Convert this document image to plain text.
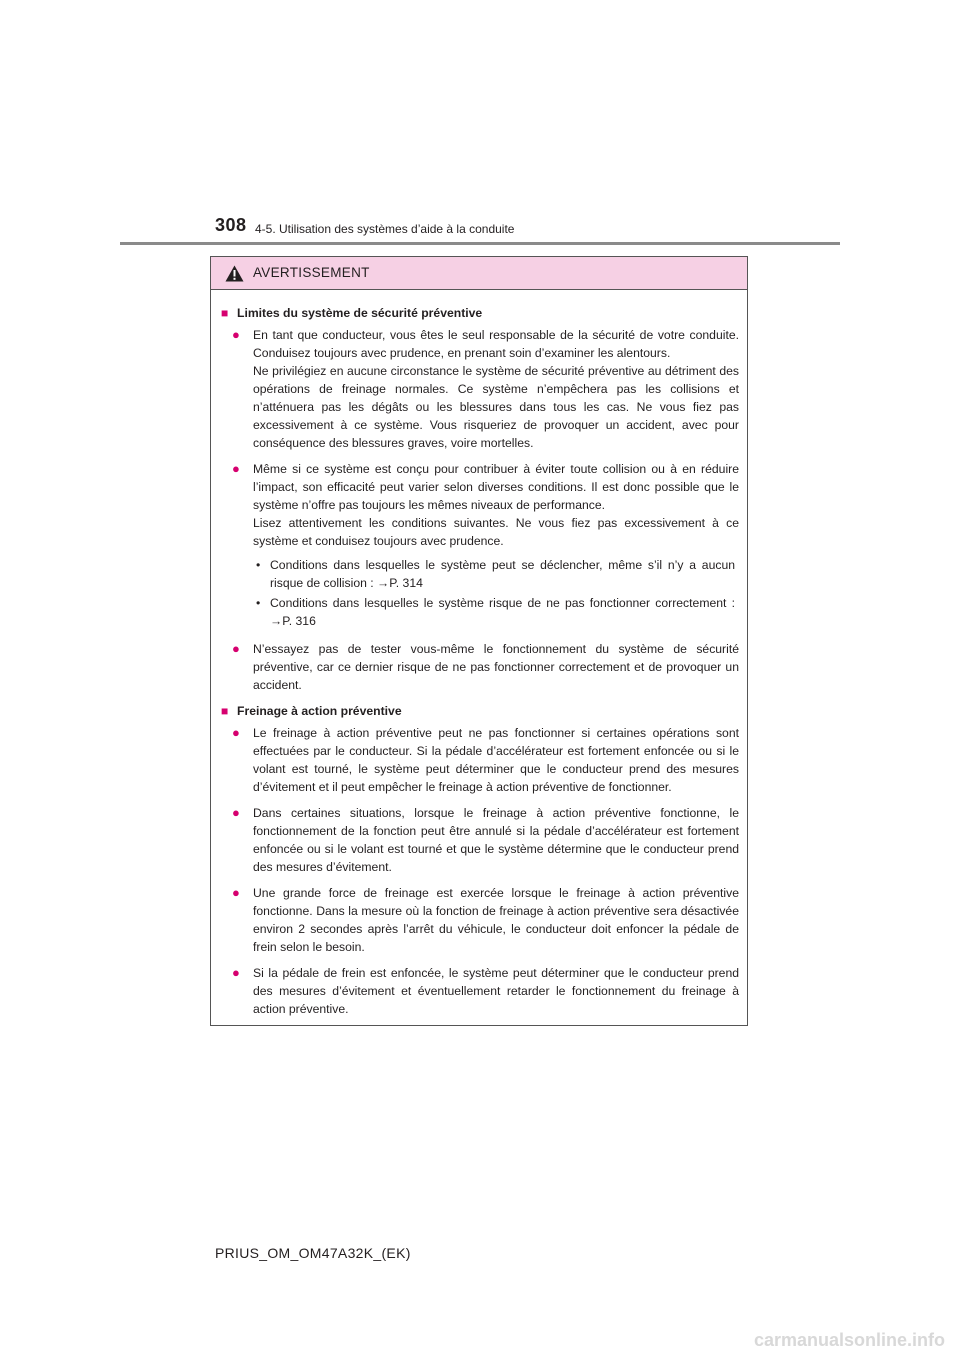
308 4-5. Utilisation des systèmes d’aide à la conduite
AVERTISSEMENT
■ Limites du système de sécurité préventive
●	En tant que conducteur, vous êtes le seul responsable de la sécurité de votre conduite. Conduisez toujours avec prudence, en prenant soin d’examiner les alentours.

Ne privilégiez en aucune circonstance le système de sécurité préventive au détriment des opérations de freinage normales. Ce système n’empêchera pas les collisions et n’atténuera pas les dégâts ou les blessures dans tous les cas. Ne vous fiez pas excessivement à ce système. Vous risqueriez de provoquer un accident, avec pour conséquence des blessures graves, voire mortelles.

●	Même si ce système est conçu pour contribuer à éviter toute collision ou à en réduire l’impact, son efficacité peut varier selon diverses conditions. Il est donc possible que le système n’offre pas toujours les mêmes niveaux de performance.

Lisez attentivement les conditions suivantes. Ne vous fiez pas excessivement à ce système et conduisez toujours avec prudence.

• Conditions dans lesquelles le système peut se déclencher, même s’il n’y a aucun risque de collision : →P. 314
• Conditions dans lesquelles le système risque de ne pas fonctionner correctement : →P. 316
●	N’essayez pas de tester vous-même le fonctionnement du système de sécurité préventive, car ce dernier risque de ne pas fonctionner correctement et de provoquer un accident.

■ Freinage à action préventive
●	Le freinage à action préventive peut ne pas fonctionner si certaines opérations sont effectuées par le conducteur. Si la pédale d’accélérateur est fortement enfoncée ou si le volant est tourné, le système peut déterminer que le conducteur prend des mesures d’évitement et il peut empêcher le freinage à action préventive de fonctionner.

●	Dans certaines situations, lorsque le freinage à action préventive fonctionne, le fonctionnement de la fonction peut être annulé si la pédale d’accélérateur est fortement enfoncée ou si le volant est tourné et que le système détermine que le conducteur prend des mesures d’évitement.

●	Une grande force de freinage est exercée lorsque le freinage à action préventive fonctionne. Dans la mesure où la fonction de freinage à action préventive sera désactivée environ 2 secondes après l’arrêt du véhicule, le conducteur doit enfoncer la pédale de frein selon le besoin.

●	Si la pédale de frein est enfoncée, le système peut déterminer que le conducteur prend des mesures d’évitement et éventuellement retarder le fonctionnement du freinage à action préventive.

PRIUS_OM_OM47A32K_(EK)
carmanualsonline.info
